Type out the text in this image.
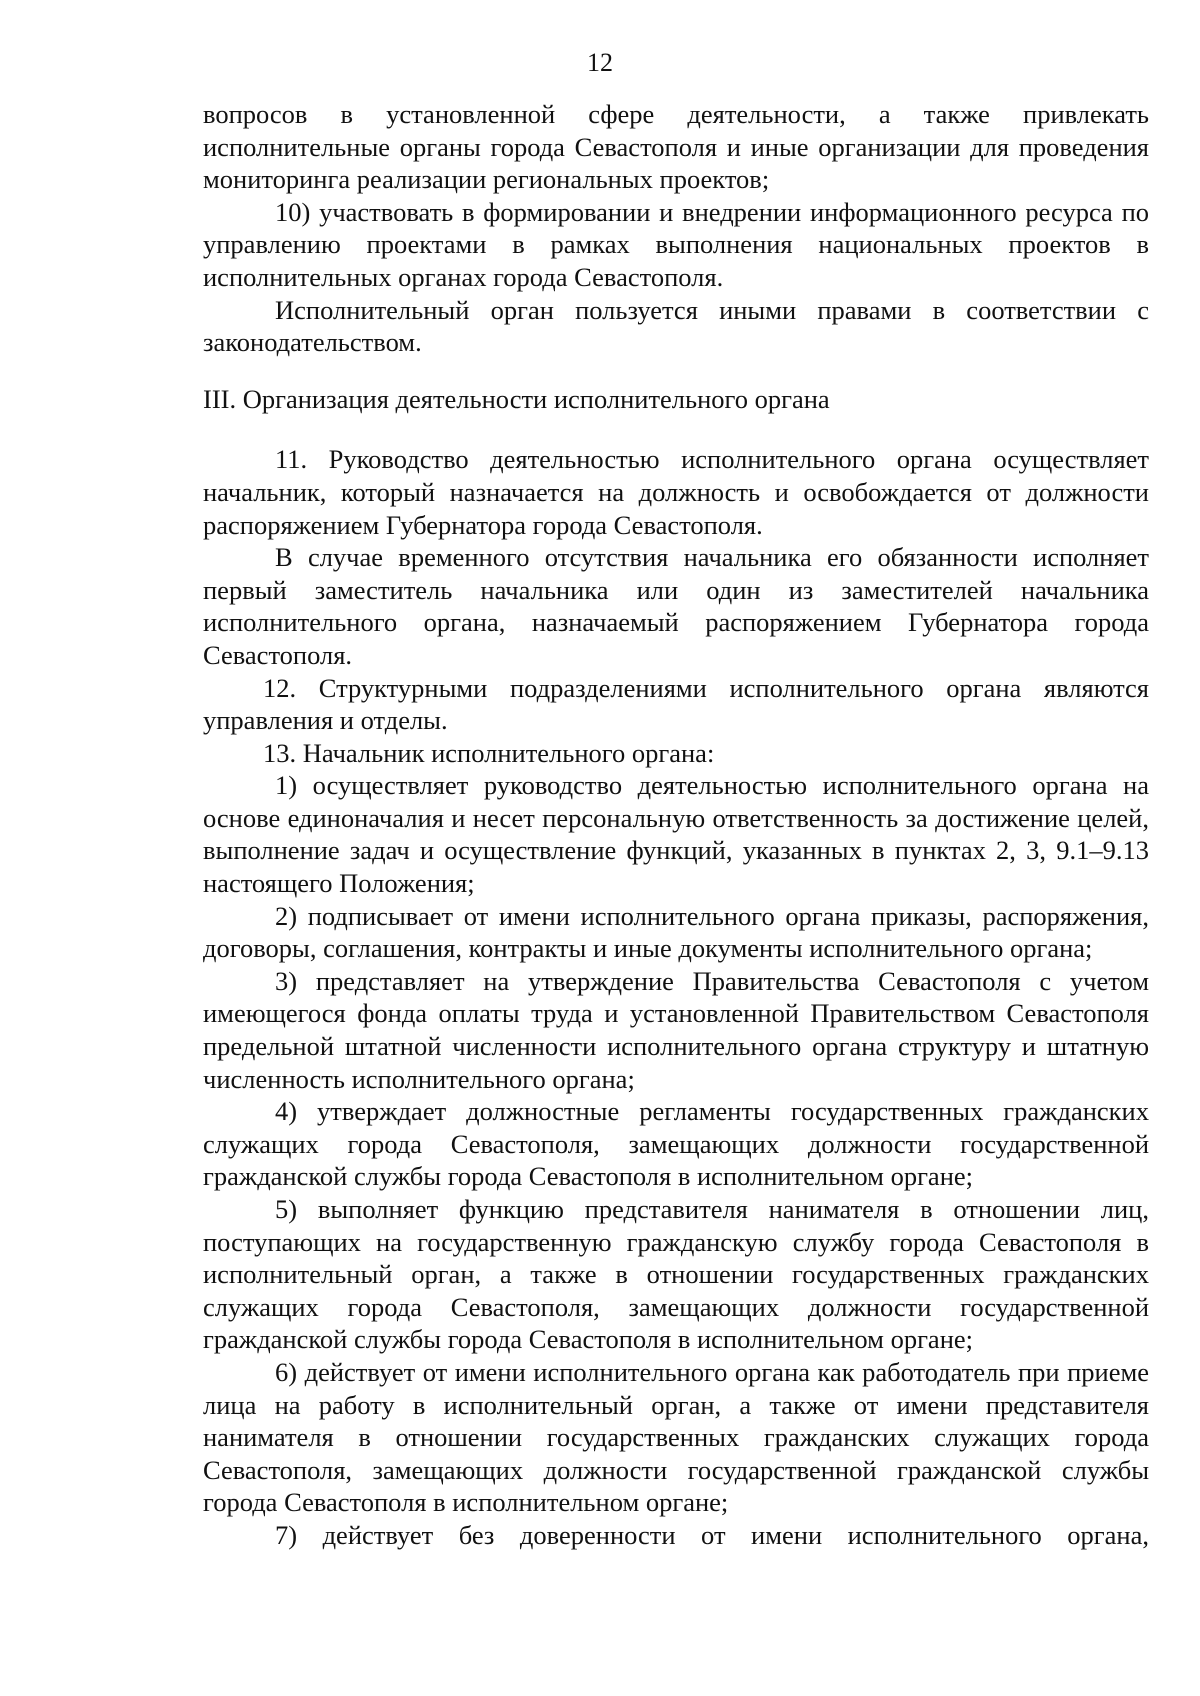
12

вопросов в установленной сфере деятельности, а также привлекать исполнительные органы города Севастополя и иные организации для проведения мониторинга реализации региональных проектов;

10) участвовать в формировании и внедрении информационного ресурса по управлению проектами в рамках выполнения национальных проектов в исполнительных органах города Севастополя.

Исполнительный орган пользуется иными правами в соответствии с законодательством.

III. Организация деятельности исполнительного органа

11. Руководство деятельностью исполнительного органа осуществляет начальник, который назначается на должность и освобождается от должности распоряжением Губернатора города Севастополя.

В случае временного отсутствия начальника его обязанности исполняет первый заместитель начальника или один из заместителей начальника исполнительного органа, назначаемый распоряжением Губернатора города Севастополя.

12. Структурными подразделениями исполнительного органа являются управления и отделы.

13. Начальник исполнительного органа:

1) осуществляет руководство деятельностью исполнительного органа на основе единоначалия и несет персональную ответственность за достижение целей, выполнение задач и осуществление функций, указанных в пунктах 2, 3, 9.1–9.13 настоящего Положения;

2) подписывает от имени исполнительного органа приказы, распоряжения, договоры, соглашения, контракты и иные документы исполнительного органа;

3) представляет на утверждение Правительства Севастополя с учетом имеющегося фонда оплаты труда и установленной Правительством Севастополя предельной штатной численности исполнительного органа структуру и штатную численность исполнительного органа;

4) утверждает должностные регламенты государственных гражданских служащих города Севастополя, замещающих должности государственной гражданской службы города Севастополя в исполнительном органе;

5) выполняет функцию представителя нанимателя в отношении лиц, поступающих на государственную гражданскую службу города Севастополя в исполнительный орган, а также в отношении государственных гражданских служащих города Севастополя, замещающих должности государственной гражданской службы города Севастополя в исполнительном органе;

6) действует от имени исполнительного органа как работодатель при приеме лица на работу в исполнительный орган, а также от имени представителя нанимателя в отношении государственных гражданских служащих города Севастополя, замещающих должности государственной гражданской службы города Севастополя в исполнительном органе;

7) действует без доверенности от имени исполнительного органа,
